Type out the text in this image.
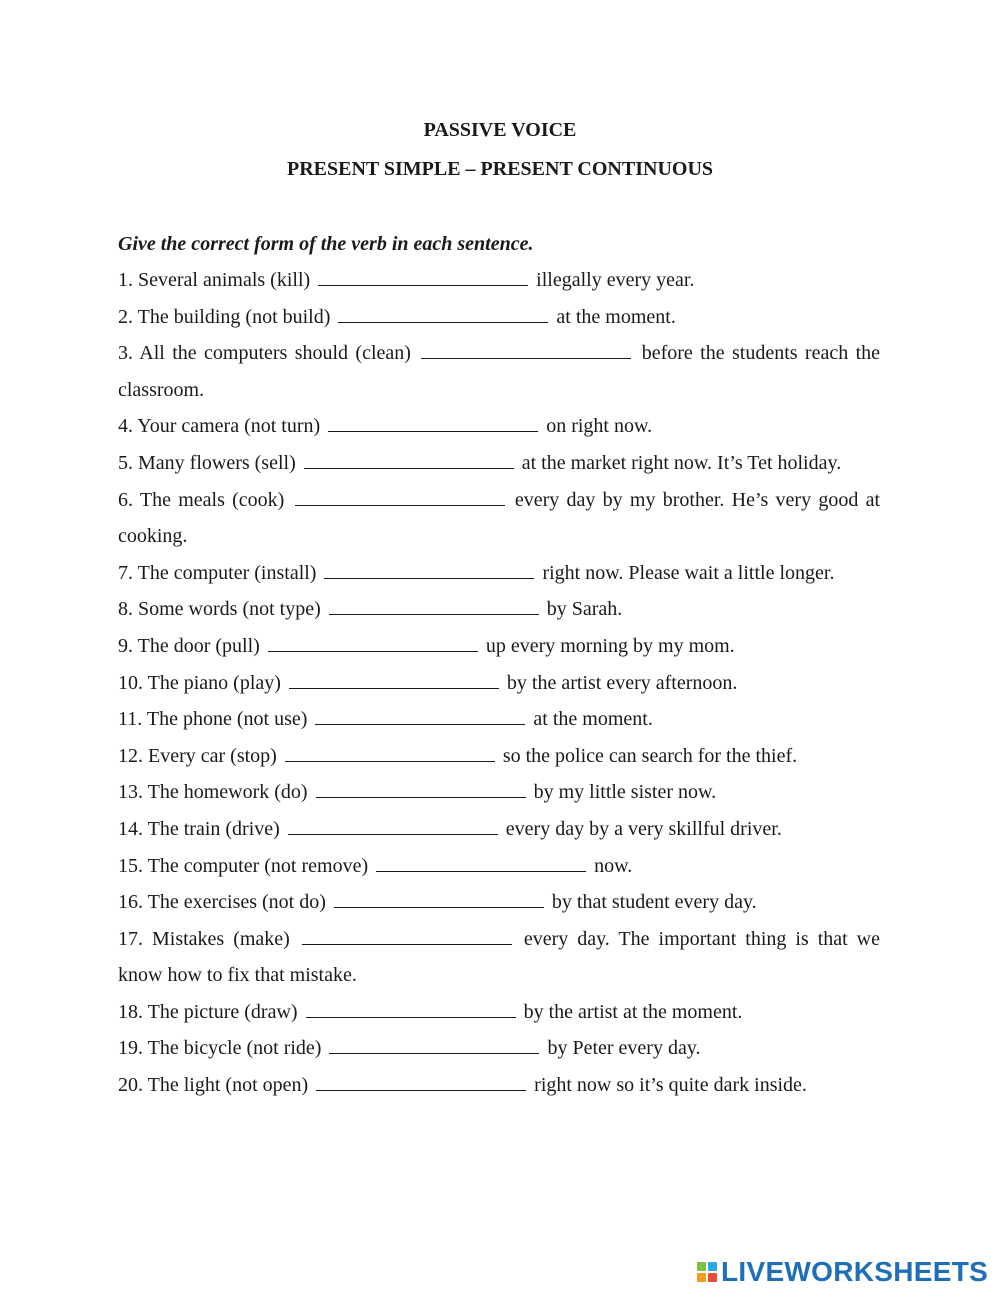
PASSIVE VOICE
PRESENT SIMPLE – PRESENT CONTINUOUS
Give the correct form of the verb in each sentence.

1. Several animals (kill)	illegally every year.

2. The building (not build)	at the moment.

3. All the computers should (clean)	before the students reach the classroom.

4. Your camera (not turn)	on right now.

5. Many flowers (sell)	at the market right now. It’s Tet holiday.

6. The meals (cook)	every day by my brother. He’s very good at cooking.

7. The computer (install)	right now. Please wait a little longer.

8. Some words (not type)	by Sarah.

9. The door (pull)	up every morning by my mom.

10. The piano (play)	by the artist every afternoon.

11. The phone (not use)	at the moment.

12. Every car (stop)	so the police can search for the thief.

13. The homework (do)	by my little sister now.

14. The train (drive)	every day by a very skillful driver.

15. The computer (not remove)	now.

16. The exercises (not do)	by that student every day.

17. Mistakes (make)	every day. The important thing is that we know how to fix that mistake.

18. The picture (draw)	by the artist at the moment.

19. The bicycle (not ride)	by Peter every day.

20. The light (not open)	right now so it’s quite dark inside.

LIVEWORKSHEETS
